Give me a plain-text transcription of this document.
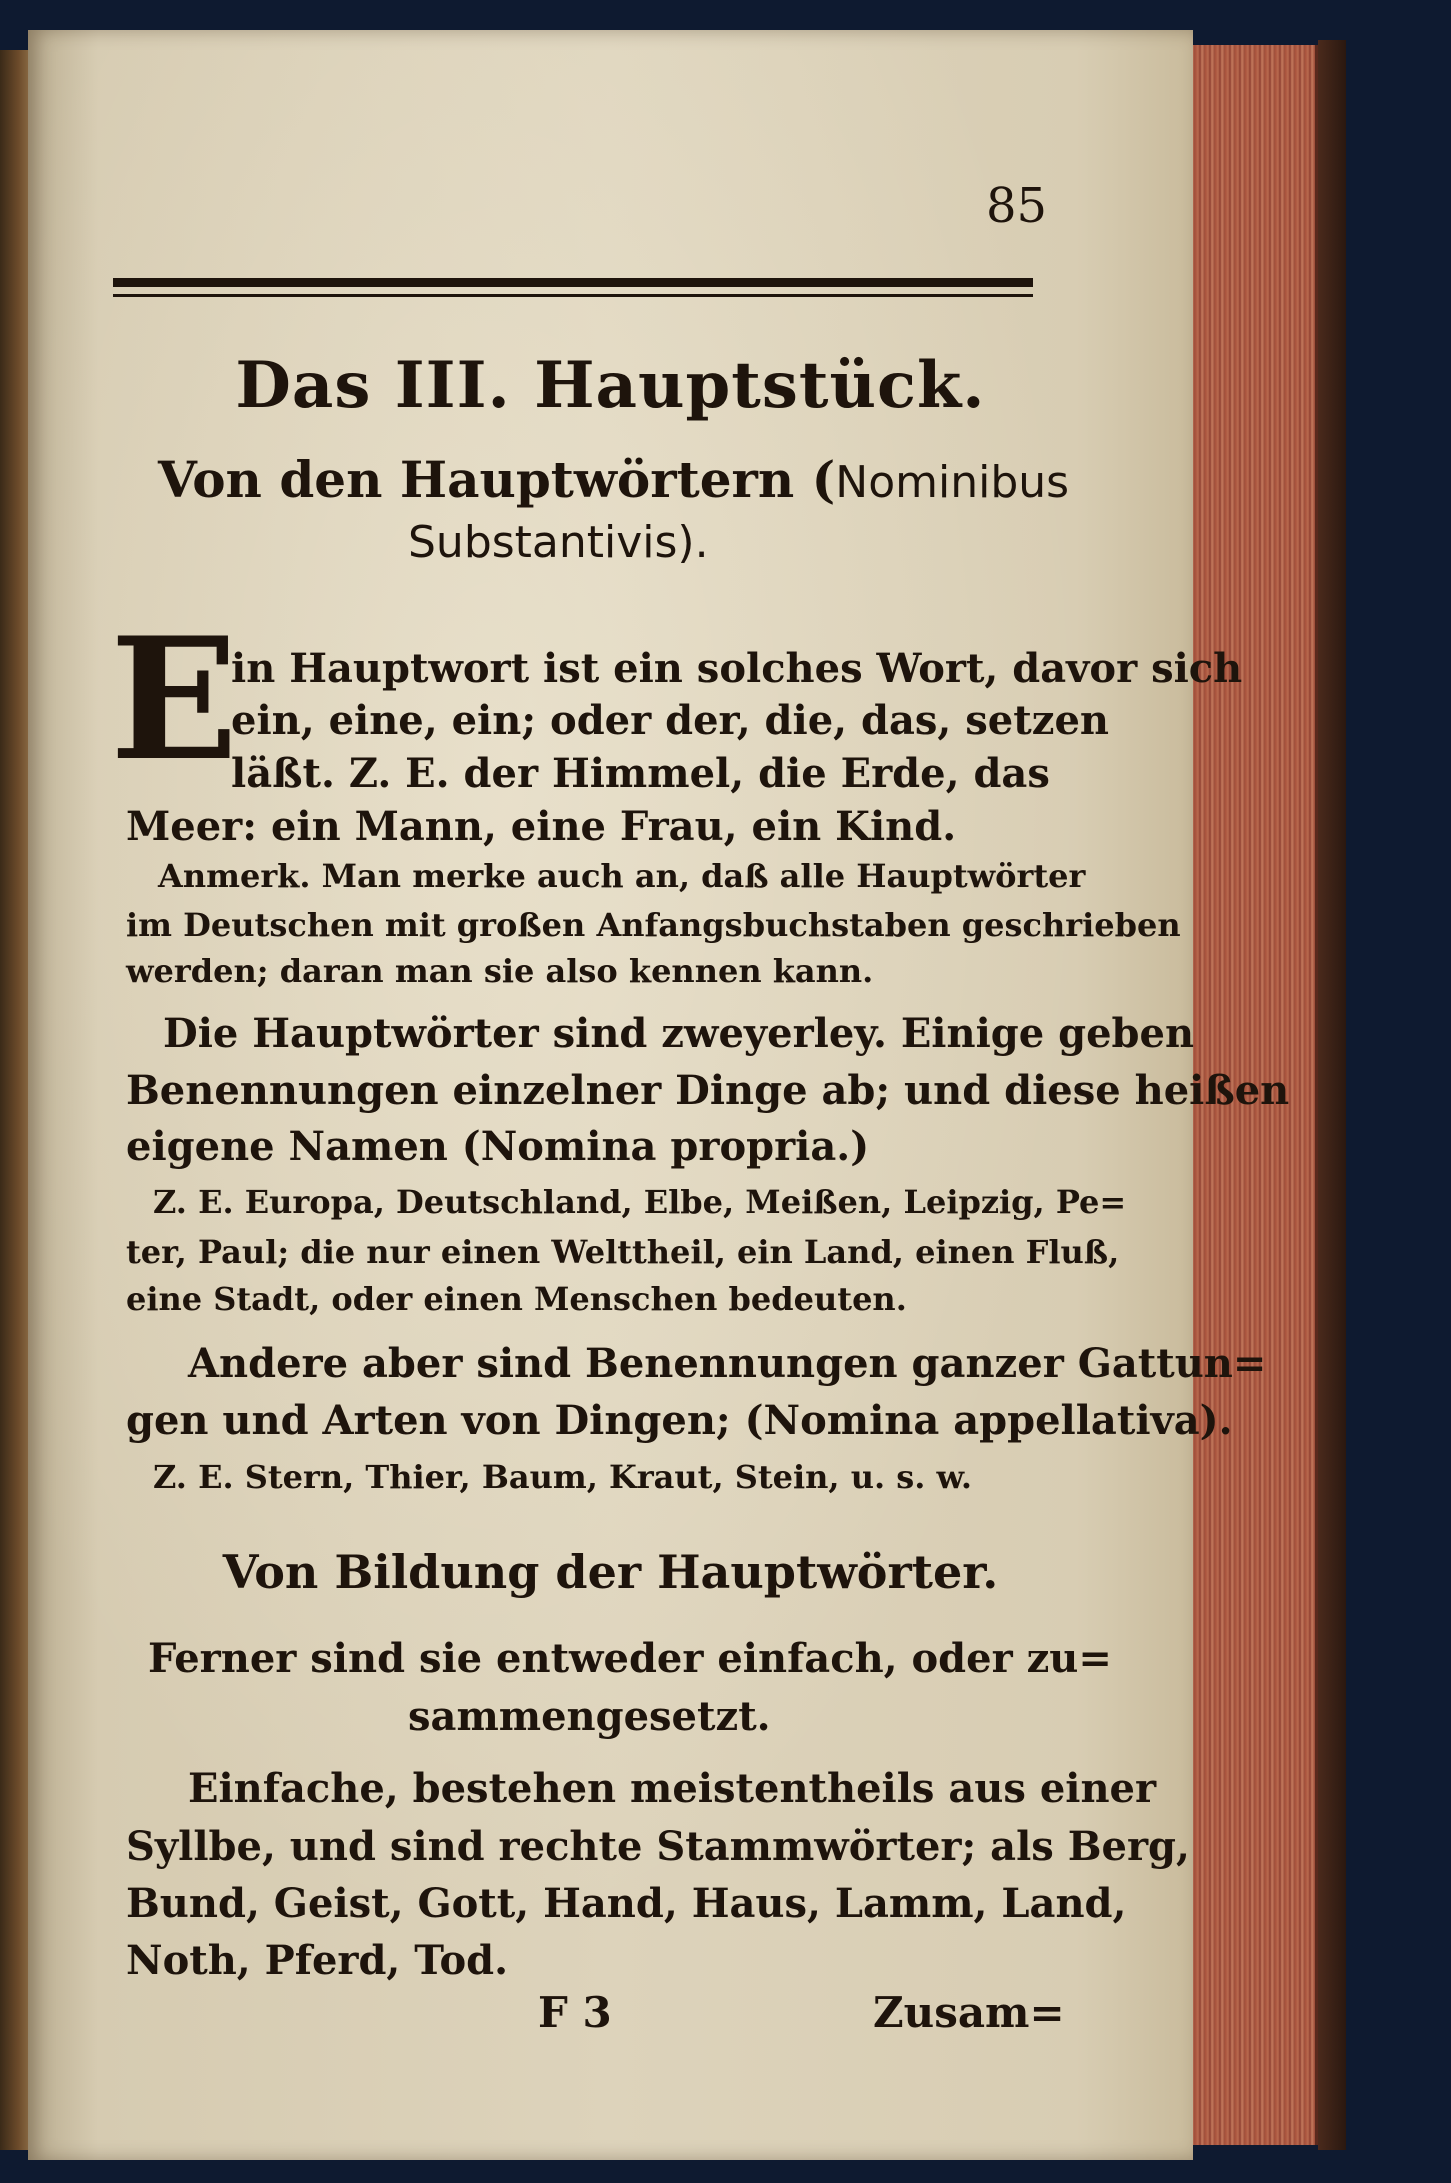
85
Das III. Hauptstück.
Von den Hauptwörtern (Nominibus
Substantivis).
E
in Hauptwort ist ein solches Wort, davor sich
ein, eine, ein; oder der, die, das, setzen
läßt. Z. E. der Himmel, die Erde, das
Meer: ein Mann, eine Frau, ein Kind.
Anmerk. Man merke auch an, daß alle Hauptwörter
im Deutschen mit großen Anfangsbuchstaben geschrieben
werden; daran man sie also kennen kann.
Die Hauptwörter sind zweyerley. Einige geben
Benennungen einzelner Dinge ab; und diese heißen
eigene Namen (Nomina propria.)
Z. E. Europa, Deutschland, Elbe, Meißen, Leipzig, Pe=
ter, Paul; die nur einen Welttheil, ein Land, einen Fluß,
eine Stadt, oder einen Menschen bedeuten.
Andere aber sind Benennungen ganzer Gattun=
gen und Arten von Dingen; (Nomina appellativa).
Z. E. Stern, Thier, Baum, Kraut, Stein, u. s. w.
Von Bildung der Hauptwörter.
Ferner sind sie entweder einfach, oder zu=
sammengesetzt.
Einfache, bestehen meistentheils aus einer
Syllbe, und sind rechte Stammwörter; als Berg,
Bund, Geist, Gott, Hand, Haus, Lamm, Land,
Noth, Pferd, Tod.
F 3	Zusam=
